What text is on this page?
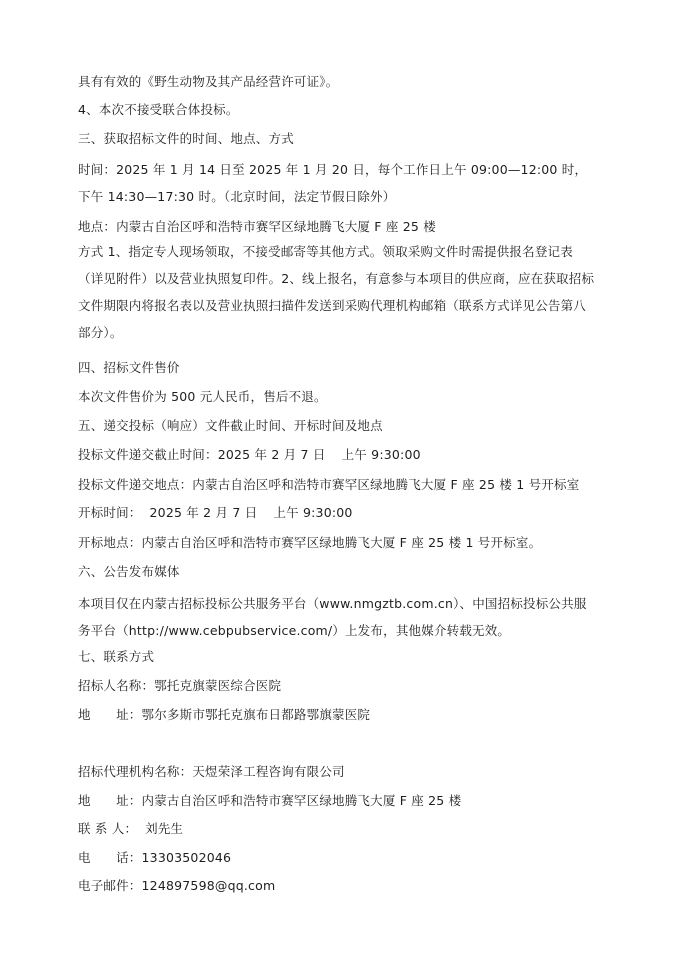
具有有效的《野生动物及其产品经营许可证》。
4、本次不接受联合体投标。
三、获取招标文件的时间、地点、方式
时间：2025 年 1 月 14 日至 2025 年 1 月 20 日，每个工作日上午 09:00—12:00 时，下午 14:30—17:30 时。（北京时间，法定节假日除外）
地点：内蒙古自治区呼和浩特市赛罕区绿地腾飞大厦 F 座 25 楼
方式 1、指定专人现场领取，不接受邮寄等其他方式。领取采购文件时需提供报名登记表（详见附件）以及营业执照复印件。2、线上报名，有意参与本项目的供应商，应在获取招标文件期限内将报名表以及营业执照扫描件发送到采购代理机构邮箱（联系方式详见公告第八部分）。
四、招标文件售价
本次文件售价为 500 元人民币，售后不退。
五、递交投标（响应）文件截止时间、开标时间及地点
投标文件递交截止时间：2025 年 2 月 7 日 上午 9:30:00
投标文件递交地点：内蒙古自治区呼和浩特市赛罕区绿地腾飞大厦 F 座 25 楼 1 号开标室
开标时间： 2025 年 2 月 7 日 上午 9:30:00
开标地点：内蒙古自治区呼和浩特市赛罕区绿地腾飞大厦 F 座 25 楼 1 号开标室。
六、公告发布媒体
本项目仅在内蒙古招标投标公共服务平台（www.nmgztb.com.cn）、中国招标投标公共服务平台（http://www.cebpubservice.com/）上发布，其他媒介转载无效。
七、联系方式
招标人名称：鄂托克旗蒙医综合医院
地　　址：鄂尔多斯市鄂托克旗布日都路鄂旗蒙医院
招标代理机构名称：天煜荣泽工程咨询有限公司
地　　址：内蒙古自治区呼和浩特市赛罕区绿地腾飞大厦 F 座 25 楼
联 系 人： 刘先生
电　　话：13303502046
电子邮件：124897598@qq.com
